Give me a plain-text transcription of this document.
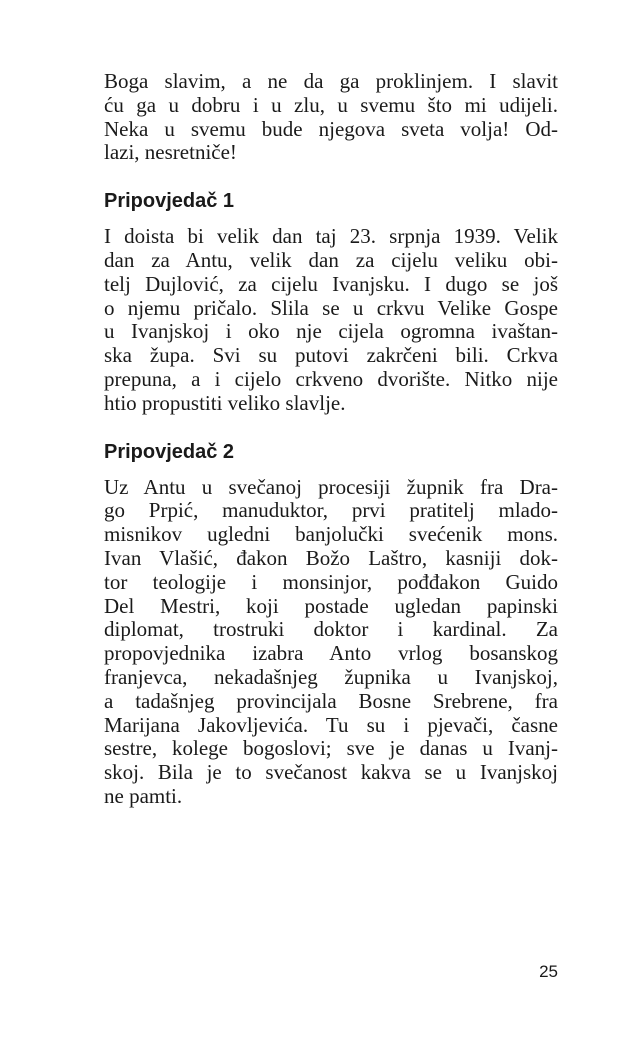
Boga slavim, a ne da ga proklinjem. I slavit
ću ga u dobru i u zlu, u svemu što mi udijeli.
Neka u svemu bude njegova sveta volja! Od-
lazi, nesretniče!
Pripovjedač 1
I doista bi velik dan taj 23. srpnja 1939. Velik
dan za Antu, velik dan za cijelu veliku obi-
telj Dujlović, za cijelu Ivanjsku. I dugo se još
o njemu pričalo. Slila se u crkvu Velike Gospe
u Ivanjskoj i oko nje cijela ogromna ivaštan-
ska župa. Svi su putovi zakrčeni bili. Crkva
prepuna, a i cijelo crkveno dvorište. Nitko nije
htio propustiti veliko slavlje.
Pripovjedač 2
Uz Antu u svečanoj procesiji župnik fra Dra-
go Prpić, manuduktor, prvi pratitelj mlado-
misnikov ugledni banjolučki svećenik mons.
Ivan Vlašić, đakon Božo Laštro, kasniji dok-
tor teologije i monsinjor, pođđakon Guido
Del Mestri, koji postade ugledan papinski
diplomat, trostruki doktor i kardinal. Za
propovjednika izabra Anto vrlog bosanskog
franjevca, nekadašnjeg župnika u Ivanjskoj,
a tadašnjeg provincijala Bosne Srebrene, fra
Marijana Jakovljevića. Tu su i pjevači, časne
sestre, kolege bogoslovi; sve je danas u Ivanj-
skoj. Bila je to svečanost kakva se u Ivanjskoj
ne pamti.
25
